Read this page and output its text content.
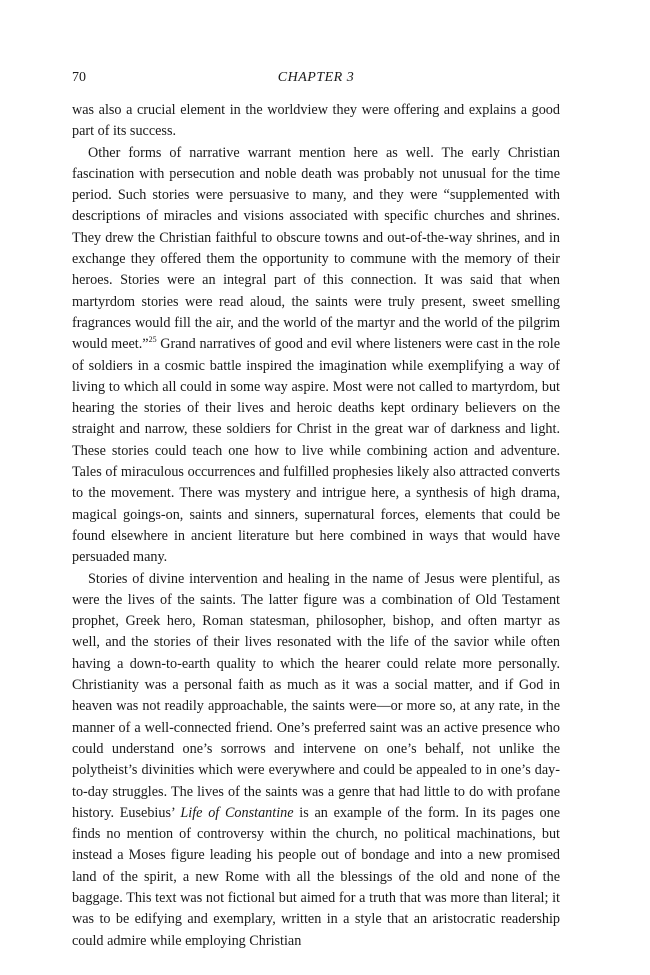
70	CHAPTER 3

was also a crucial element in the worldview they were offering and explains a good part of its success.

Other forms of narrative warrant mention here as well. The early Christian fascination with persecution and noble death was probably not unusual for the time period. Such stories were persuasive to many, and they were “supplemented with descriptions of miracles and visions associated with specific churches and shrines. They drew the Christian faithful to obscure towns and out-of-the-way shrines, and in exchange they offered them the opportunity to commune with the memory of their heroes. Stories were an integral part of this connection. It was said that when martyrdom stories were read aloud, the saints were truly present, sweet smelling fragrances would fill the air, and the world of the martyr and the world of the pilgrim would meet.”$^{25}$ Grand narratives of good and evil where listeners were cast in the role of soldiers in a cosmic battle inspired the imagination while exemplifying a way of living to which all could in some way aspire. Most were not called to martyrdom, but hearing the stories of their lives and heroic deaths kept ordinary believers on the straight and narrow, these soldiers for Christ in the great war of darkness and light. These stories could teach one how to live while combining action and adventure. Tales of miraculous occurrences and fulfilled prophesies likely also attracted converts to the movement. There was mystery and intrigue here, a synthesis of high drama, magical goings-on, saints and sinners, supernatural forces, elements that could be found elsewhere in ancient literature but here combined in ways that would have persuaded many.

Stories of divine intervention and healing in the name of Jesus were plentiful, as were the lives of the saints. The latter figure was a combination of Old Testament prophet, Greek hero, Roman statesman, philosopher, bishop, and often martyr as well, and the stories of their lives resonated with the life of the savior while often having a down-to-earth quality to which the hearer could relate more personally. Christianity was a personal faith as much as it was a social matter, and if God in heaven was not readily approachable, the saints were—or more so, at any rate, in the manner of a well-connected friend. One’s preferred saint was an active presence who could understand one’s sorrows and intervene on one’s behalf, not unlike the polytheist’s divinities which were everywhere and could be appealed to in one’s day-to-day struggles. The lives of the saints was a genre that had little to do with profane history. Eusebius’ Life of Constantine is an example of the form. In its pages one finds no mention of controversy within the church, no political machinations, but instead a Moses figure leading his people out of bondage and into a new promised land of the spirit, a new Rome with all the blessings of the old and none of the baggage. This text was not fictional but aimed for a truth that was more than literal; it was to be edifying and exemplary, written in a style that an aristocratic readership could admire while employing Christian
